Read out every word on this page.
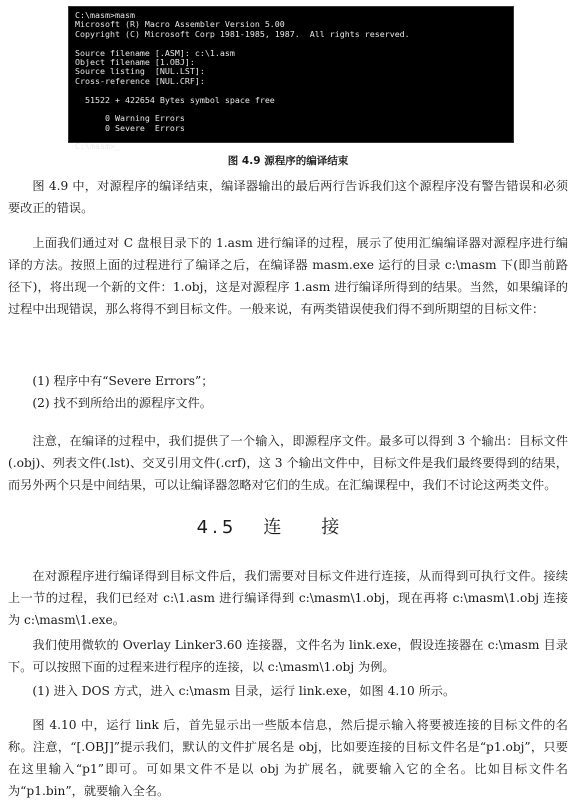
C:\masm>masm
Microsoft (R) Macro Assembler Version 5.00
Copyright (C) Microsoft Corp 1981-1985, 1987.  All rights reserved.
Source filename [.ASM]: c:\1.asm
Object filename [1.OBJ]:
Source listing  [NUL.LST]:
Cross-reference [NUL.CRF]:
51522 + 422654 Bytes symbol space free
0 Warning Errors
0 Severe  Errors
C:\masm>_
图 4.9 源程序的编译结束

图 4.9 中，对源程序的编译结束，编译器输出的最后两行告诉我们这个源程序没有警告错误和必须要改正的错误。

上面我们通过对 C 盘根目录下的 1.asm 进行编译的过程，展示了使用汇编编译器对源程序进行编译的方法。按照上面的过程进行了编译之后，在编译器 masm.exe 运行的目录 c:\masm 下(即当前路径下)，将出现一个新的文件：1.obj，这是对源程序 1.asm 进行编译所得到的结果。当然，如果编译的过程中出现错误，那么将得不到目标文件。一般来说，有两类错误使我们得不到所期望的目标文件：

(1) 程序中有“Severe Errors”；

(2) 找不到所给出的源程序文件。

注意，在编译的过程中，我们提供了一个输入，即源程序文件。最多可以得到 3 个输出：目标文件(.obj)、列表文件(.lst)、交叉引用文件(.crf)，这 3 个输出文件中，目标文件是我们最终要得到的结果，而另外两个只是中间结果，可以让编译器忽略对它们的生成。在汇编课程中，我们不讨论这两类文件。

4.5 连接

在对源程序进行编译得到目标文件后，我们需要对目标文件进行连接，从而得到可执行文件。接续上一节的过程，我们已经对 c:\1.asm 进行编译得到 c:\masm\1.obj，现在再将 c:\masm\1.obj 连接为 c:\masm\1.exe。

我们使用微软的 Overlay Linker3.60 连接器，文件名为 link.exe，假设连接器在 c:\masm 目录下。可以按照下面的过程来进行程序的连接，以 c:\masm\1.obj 为例。

(1) 进入 DOS 方式，进入 c:\masm 目录，运行 link.exe，如图 4.10 所示。

图 4.10 中，运行 link 后，首先显示出一些版本信息，然后提示输入将要被连接的目标文件的名称。注意，“[.OBJ]”提示我们，默认的文件扩展名是 obj，比如要连接的目标文件名是“p1.obj”，只要在这里输入“p1”即可。可如果文件不是以 obj 为扩展名，就要输入它的全名。比如目标文件名为“p1.bin”，就要输入全名。
